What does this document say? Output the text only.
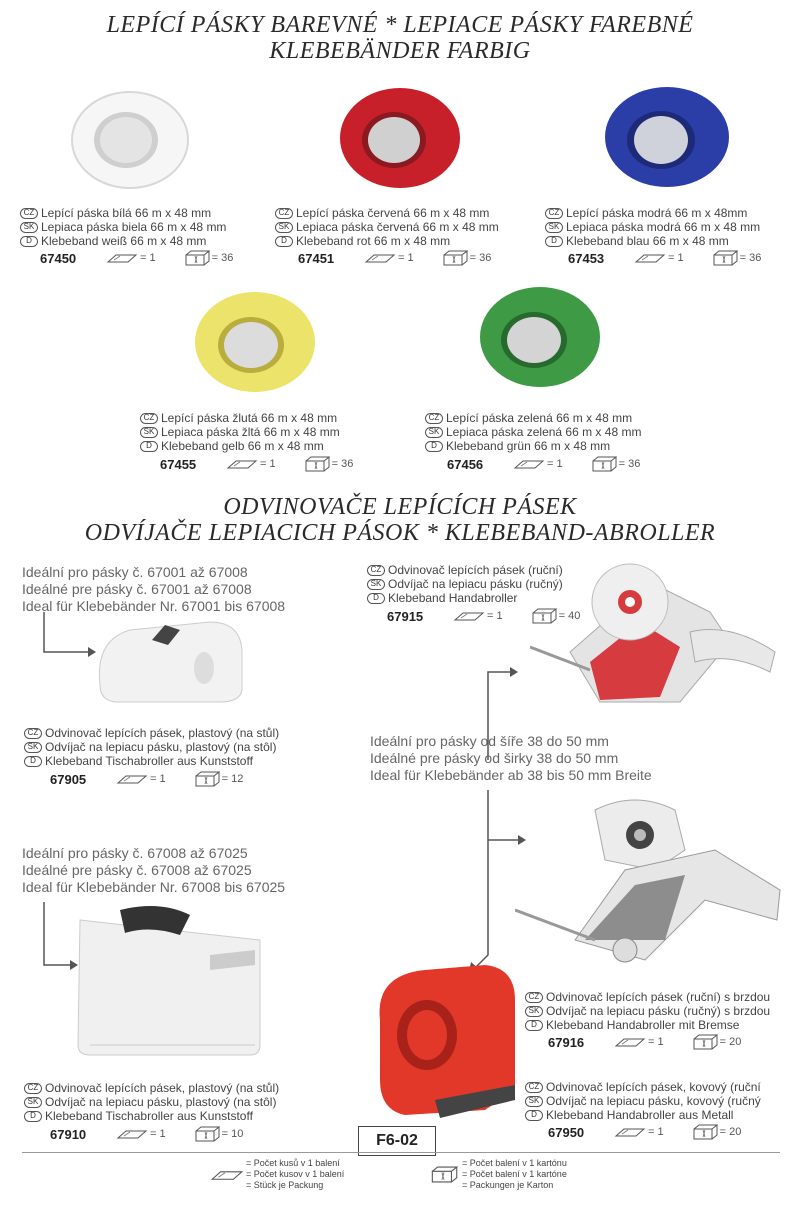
LEPÍCÍ PÁSKY BAREVNÉ * LEPIACE PÁSKY FAREBNÉ
KLEBEBÄNDER FARBIG
CZ Lepící páska bílá 66 m x 48 mm
SK Lepiaca páska biela 66 m x 48 mm
D Klebeband weiß 66 m x 48 mm
67450	= 1	= 36
CZ Lepící páska červená 66 m x 48 mm
SK Lepiaca páska červená 66 m x 48 mm
D Klebeband rot 66 m x 48 mm
67451	= 1	= 36
CZ Lepící páska modrá 66 m x 48mm
SK Lepiaca páska modrá 66 m x 48 mm
D Klebeband blau 66 m x 48 mm
67453	= 1	= 36
CZ Lepící páska žlutá 66 m x 48 mm
SK Lepiaca páska žltá 66 m x 48 mm
D Klebeband gelb 66 m x 48 mm
67455	= 1	= 36
CZ Lepící páska zelená 66 m x 48 mm
SK Lepiaca páska zelená 66 m x 48 mm
D Klebeband grün 66 m x 48 mm
67456	= 1	= 36
ODVINOVAČE LEPÍCÍCH PÁSEK
ODVÍJAČE LEPIACICH PÁSOK * KLEBEBAND-ABROLLER
Ideální pro pásky č. 67001 až 67008
Ideálné pre pásky č. 67001 až 67008
Ideal für Klebebänder Nr. 67001 bis 67008
Ideální pro pásky od šíře 38 do 50 mm
Ideálné pre pásky od širky 38 do 50 mm
Ideal für Klebebänder ab 38 bis 50 mm Breite
Ideální pro pásky č. 67008 až 67025
Ideálné pre pásky č. 67008 až 67025
Ideal für Klebebänder Nr. 67008 bis 67025
CZ Odvinovač lepících pásek (ruční)
SK Odvíjač na lepiacu pásku (ručný)
D Klebeband Handabroller
67915	= 1	= 40
CZ Odvinovač lepících pásek, plastový (na stůl)
SK Odvíjač na lepiacu pásku, plastový (na stôl)
D Klebeband Tischabroller aus Kunststoff
67905	= 1	= 12
CZ Odvinovač lepících pásek (ruční) s brzdou
SK Odvíjač na lepiacu pásku (ručný) s brzdou
D Klebeband Handabroller mit Bremse
67916	= 1	= 20
CZ Odvinovač lepících pásek, plastový (na stůl)
SK Odvíjač na lepiacu pásku, plastový (na stôl)
D Klebeband Tischabroller aus Kunststoff
67910	= 1	= 10
CZ Odvinovač lepících pásek, kovový (ruční
SK Odvíjač na lepiacu pásku, kovový (ručný
D Klebeband Handabroller aus Metall
67950	= 1	= 20
F6-02
= Počet kusů v 1 balení
= Počet kusov v 1 balení
= Stück je Packung
= Počet balení v 1 kartónu
= Počet balení v 1 kartóne
= Packungen je Karton
